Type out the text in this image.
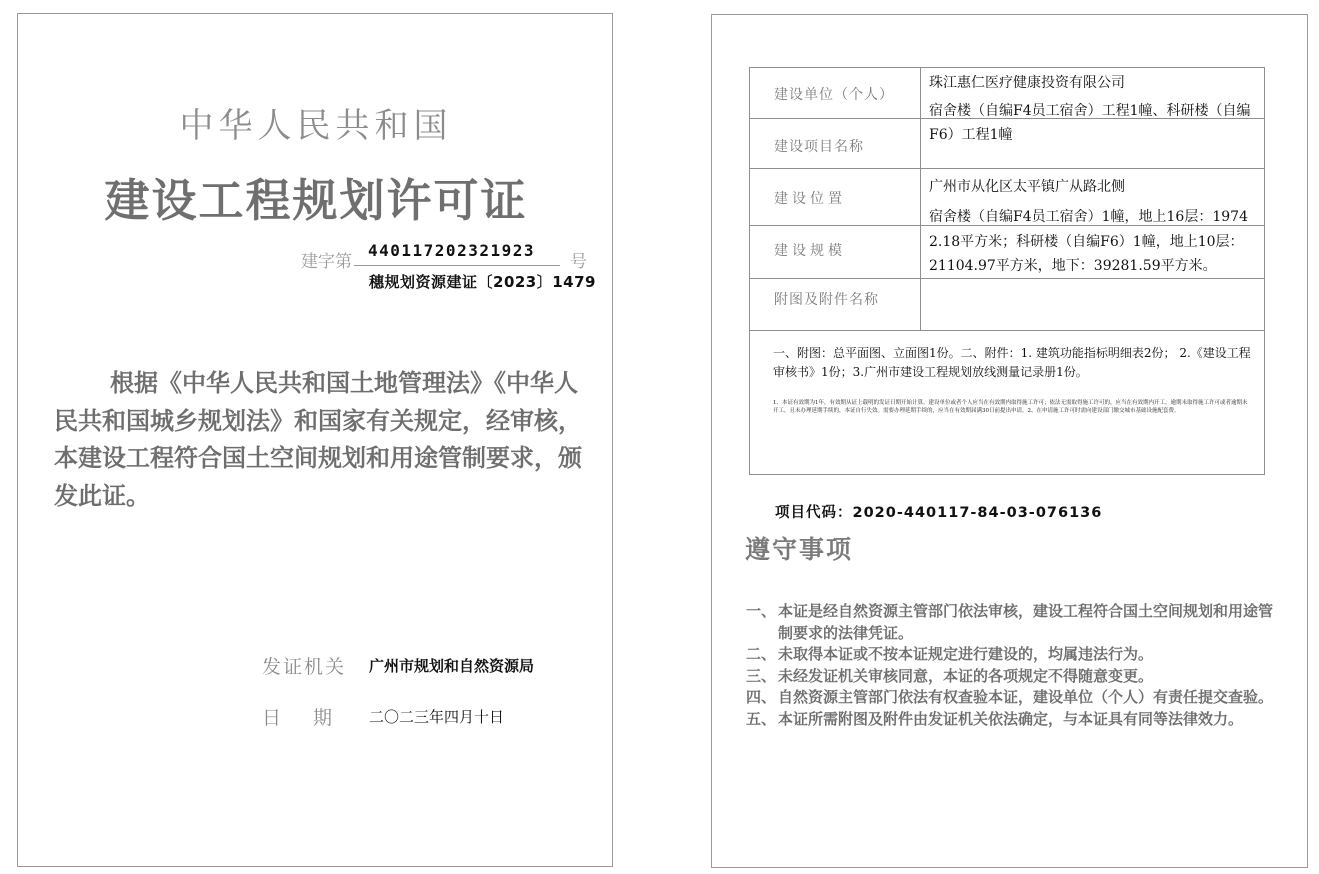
中华人民共和国
建设工程规划许可证
建字第
440117202321923
号
穗规划资源建证〔2023〕1479
根据《中华人民共和国土地管理法》《中华人民共和国城乡规划法》和国家有关规定，经审核，本建设工程符合国土空间规划和用途管制要求，颁发此证。
发证机关 广州市规划和自然资源局
日期 二〇二三年四月十日
建设单位（个人）
珠江惠仁医疗健康投资有限公司
建设项目名称
宿舍楼（自编F4员工宿舍）工程1幢、科研楼（自编F6）工程1幢
建设位置
广州市从化区太平镇广从路北侧
建设规模
宿舍楼（自编F4员工宿舍）1幢，地上16层：19742.18平方米；科研楼（自编F6）1幢，地上10层：21104.97平方米，地下：39281.59平方米。
附图及附件名称
一、附图：总平面图、立面图1份。二、附件：1. 建筑功能指标明细表2份； 2.《建设工程审核书》1份；3.广州市建设工程规划放线测量记录册1份。
1、本证有效期为1年，有效期从证上载明的发证日期开始计算。建设单位或者个人应当在有效期内取得施工许可；依法无需取得施工许可的，应当在有效期内开工。逾期未取得施工许可或者逾期未开工，且未办理延期手续的，本证自行失效。需要办理延期手续的，应当在有效期届满30日前提出申请。2、在申请施工许可时需向建设部门缴交城市基础设施配套费。
项目代码：2020-440117-84-03-076136
遵守事项
一、 本证是经自然资源主管部门依法审核，建设工程符合国土空间规划和用途管制要求的法律凭证。
二、 未取得本证或不按本证规定进行建设的，均属违法行为。
三、 未经发证机关审核同意，本证的各项规定不得随意变更。
四、 自然资源主管部门依法有权查验本证，建设单位（个人）有责任提交查验。
五、 本证所需附图及附件由发证机关依法确定，与本证具有同等法律效力。
